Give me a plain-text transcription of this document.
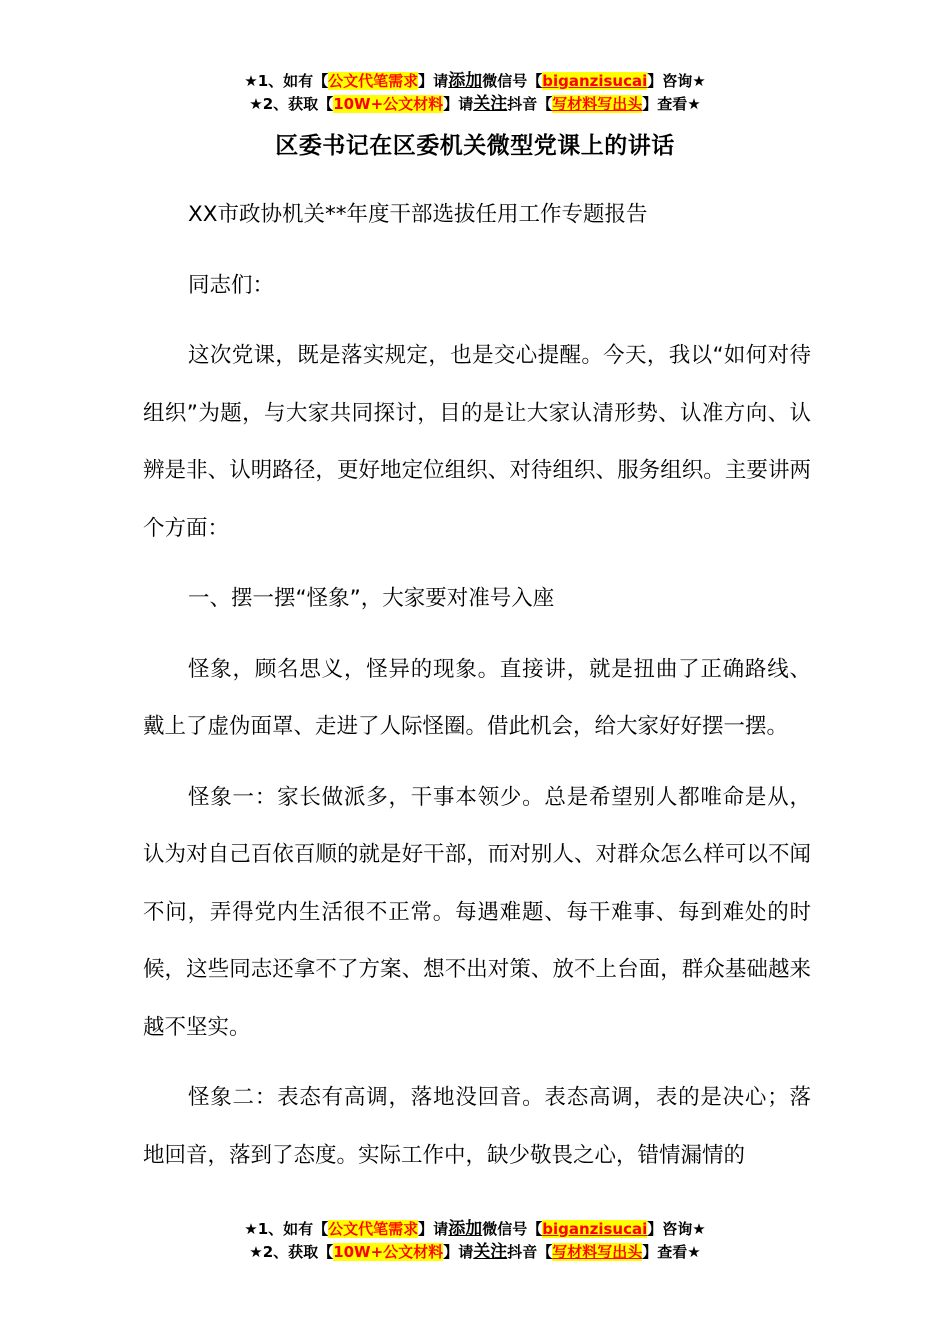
★1、如有【公文代笔需求】请添加微信号【biganzisucai】咨询★
★2、获取【10W+公文材料】请关注抖音【写材料写出头】查看★
区委书记在区委机关微型党课上的讲话

XX市政协机关**年度干部选拔任用工作专题报告

同志们：

这次党课，既是落实规定，也是交心提醒。今天，我以“如何对待组织”为题，与大家共同探讨，目的是让大家认清形势、认准方向、认辨是非、认明路径，更好地定位组织、对待组织、服务组织。主要讲两个方面：

一、摆一摆“怪象”，大家要对准号入座

怪象，顾名思义，怪异的现象。直接讲，就是扭曲了正确路线、戴上了虚伪面罩、走进了人际怪圈。借此机会，给大家好好摆一摆。

怪象一：家长做派多，干事本领少。总是希望别人都唯命是从，认为对自己百依百顺的就是好干部，而对别人、对群众怎么样可以不闻不问，弄得党内生活很不正常。每遇难题、每干难事、每到难处的时候，这些同志还拿不了方案、想不出对策、放不上台面，群众基础越来越不坚实。

怪象二：表态有高调，落地没回音。表态高调，表的是决心；落地回音，落到了态度。实际工作中，缺少敬畏之心，错情漏情的

★1、如有【公文代笔需求】请添加微信号【biganzisucai】咨询★
★2、获取【10W+公文材料】请关注抖音【写材料写出头】查看★
